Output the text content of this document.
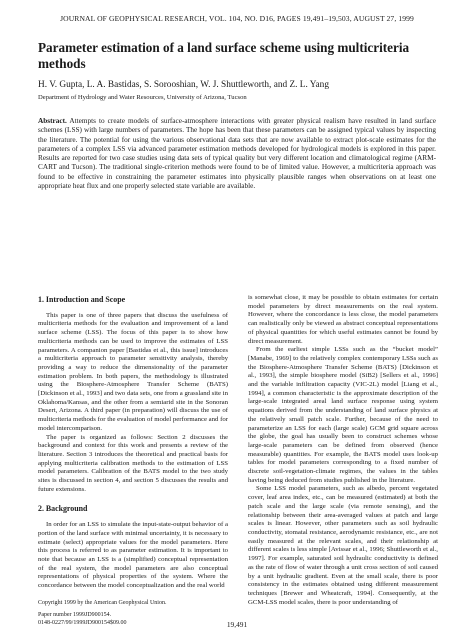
JOURNAL OF GEOPHYSICAL RESEARCH, VOL. 104, NO. D16, PAGES 19,491–19,503, AUGUST 27, 1999
Parameter estimation of a land surface scheme using multicriteria methods
H. V. Gupta, L. A. Bastidas, S. Sorooshian, W. J. Shuttleworth, and Z. L. Yang
Department of Hydrology and Water Resources, University of Arizona, Tucson

Abstract. Attempts to create models of surface-atmosphere interactions with greater physical realism have resulted in land surface schemes (LSS) with large numbers of parameters. The hope has been that these parameters can be assigned typical values by inspecting the literature. The potential for using the various observational data sets that are now available to extract plot-scale estimates for the parameters of a complex LSS via advanced parameter estimation methods developed for hydrological models is explored in this paper. Results are reported for two case studies using data sets of typical quality but very different location and climatological regime (ARM-CART and Tucson). The traditional single-criterion methods were found to be of limited value. However, a multicriteria approach was found to be effective in constraining the parameter estimates into physically plausible ranges when observations on at least one appropriate heat flux and one properly selected state variable are available.

1. Introduction and Scope

This paper is one of three papers that discuss the usefulness of multicriteria methods for the evaluation and improvement of a land surface scheme (LSS). The focus of this paper is to show how multicriteria methods can be used to improve the estimates of LSS parameters. A companion paper [Bastidas et al., this issue] introduces a multicriteria approach to parameter sensitivity analysis, thereby providing a way to reduce the dimensionality of the parameter estimation problem. In both papers, the methodology is illustrated using the Biosphere-Atmosphere Transfer Scheme (BATS) [Dickinson et al., 1993] and two data sets, one from a grassland site in Oklahoma/Kansas, and the other from a semiarid site in the Sonoran Desert, Arizona. A third paper (in preparation) will discuss the use of multicriteria methods for the evaluation of model performance and for model intercomparison.

The paper is organized as follows: Section 2 discusses the background and context for this work and presents a review of the literature. Section 3 introduces the theoretical and practical basis for applying multicriteria calibration methods to the estimation of LSS model parameters. Calibration of the BATS model to the two study sites is discussed in section 4, and section 5 discusses the results and future extensions.

2. Background

In order for an LSS to simulate the input-state-output behavior of a portion of the land surface with minimal uncertainty, it is necessary to estimate (select) appropriate values for the model parameters. Here this process is referred to as parameter estimation. It is important to note that because an LSS is a (simplified) conceptual representation of the real system, the model parameters are also conceptual representations of physical properties of the system. Where the concordance between the model conceptualization and the real world

Copyright 1999 by the American Geophysical Union.
Paper number 1999JD900154.
0148-0227/99/1999JD900154$09.00

is somewhat close, it may be possible to obtain estimates for certain model parameters by direct measurements on the real system. However, where the concordance is less close, the model parameters can realistically only be viewed as abstract conceptual representations of physical quantities for which useful estimates cannot be found by direct measurement.

From the earliest simple LSSs such as the “bucket model” [Manabe, 1969] to the relatively complex contemporary LSSs such as the Biosphere-Atmosphere Transfer Scheme (BATS) [Dickinson et al., 1993], the simple biosphere model (SiB2) [Sellers et al., 1996] and the variable infiltration capacity (VIC-2L) model [Liang et al., 1994], a common characteristic is the approximate description of the large-scale integrated areal land surface response using system equations derived from the understanding of land surface physics at the relatively small patch scale. Further, because of the need to parameterize an LSS for each (large scale) GCM grid square across the globe, the goal has usually been to construct schemes whose large-scale parameters can be defined from observed (hence measurable) quantities. For example, the BATS model uses look-up tables for model parameters corresponding to a fixed number of discrete soil-vegetation-climate regimes, the values in the tables having being deduced from studies published in the literature.

Some LSS model parameters, such as albedo, percent vegetated cover, leaf area index, etc., can be measured (estimated) at both the patch scale and the large scale (via remote sensing), and the relationship between their area-averaged values at patch and large scales is linear. However, other parameters such as soil hydraulic conductivity, stomatal resistance, aerodynamic resistance, etc., are not easily measured at the relevant scales, and their relationship at different scales is less simple [Avissar et al., 1996; Shuttleworth et al., 1997]. For example, saturated soil hydraulic conductivity is defined as the rate of flow of water through a unit cross section of soil caused by a unit hydraulic gradient. Even at the small scale, there is poor consistency in the estimates obtained using different measurement techniques [Brewer and Wheatcraft, 1994]. Consequently, at the GCM-LSS model scales, there is poor understanding of

19,491
